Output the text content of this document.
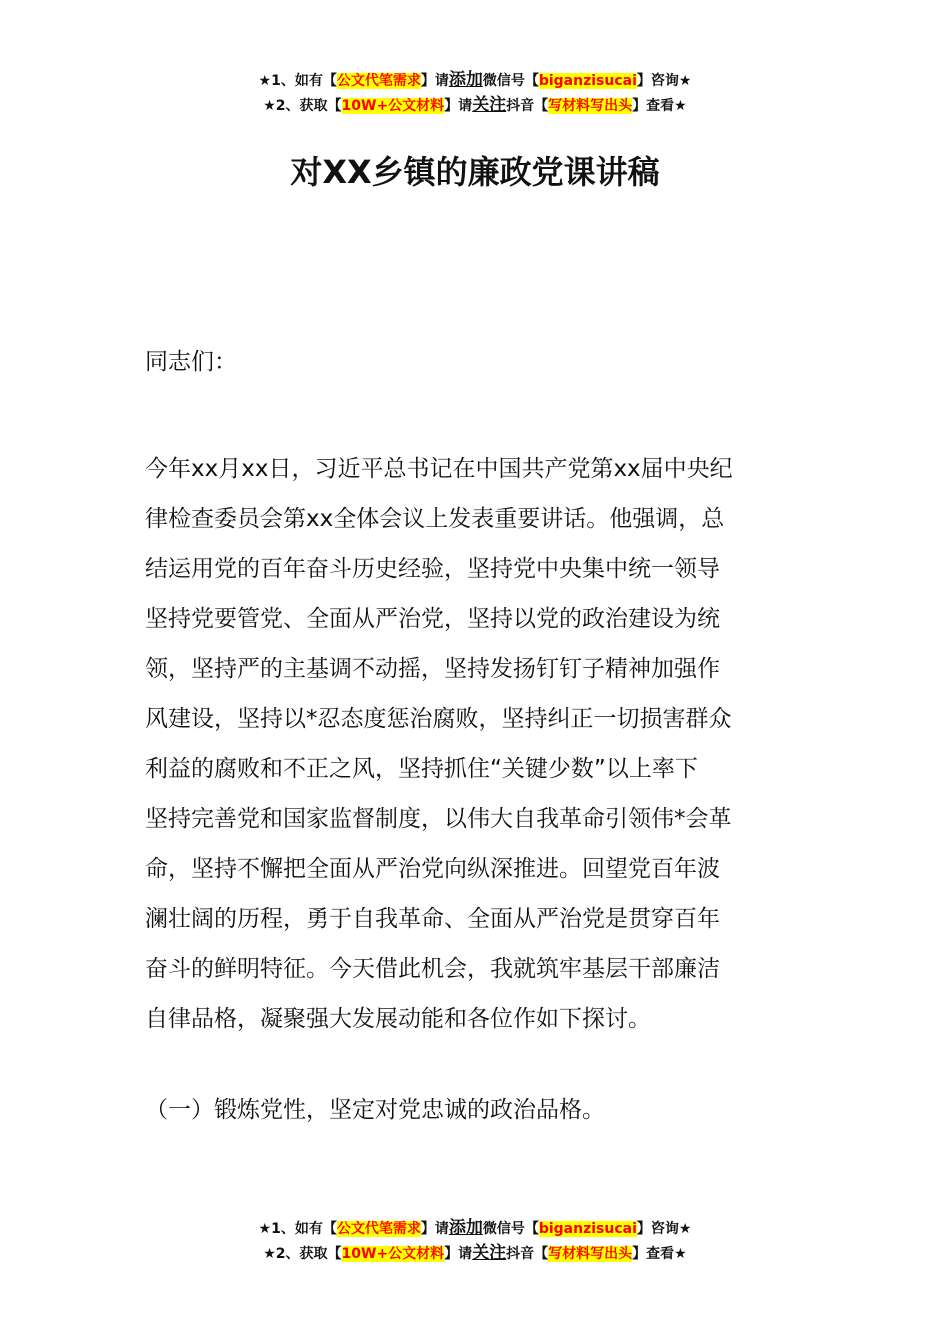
★1、如有【公文代笔需求】请添加微信号【biganzisucai】咨询★
★2、获取【10W+公文材料】请关注抖音【写材料写出头】查看★
对XX乡镇的廉政党课讲稿

同志们：

今年xx月xx日，习近平总书记在中国共产党第xx届中央纪
律检查委员会第xx全体会议上发表重要讲话。他强调，总
结运用党的百年奋斗历史经验，坚持党中央集中统一领导
坚持党要管党、全面从严治党，坚持以党的政治建设为统
领，坚持严的主基调不动摇，坚持发扬钉钉子精神加强作
风建设，坚持以*忍态度惩治腐败，坚持纠正一切损害群众
利益的腐败和不正之风，坚持抓住“关键少数”以上率下
坚持完善党和国家监督制度，以伟大自我革命引领伟*会革
命，坚持不懈把全面从严治党向纵深推进。回望党百年波
澜壮阔的历程，勇于自我革命、全面从严治党是贯穿百年
奋斗的鲜明特征。今天借此机会，我就筑牢基层干部廉洁
自律品格，凝聚强大发展动能和各位作如下探讨。

（一）锻炼党性，坚定对党忠诚的政治品格。

★1、如有【公文代笔需求】请添加微信号【biganzisucai】咨询★
★2、获取【10W+公文材料】请关注抖音【写材料写出头】查看★
